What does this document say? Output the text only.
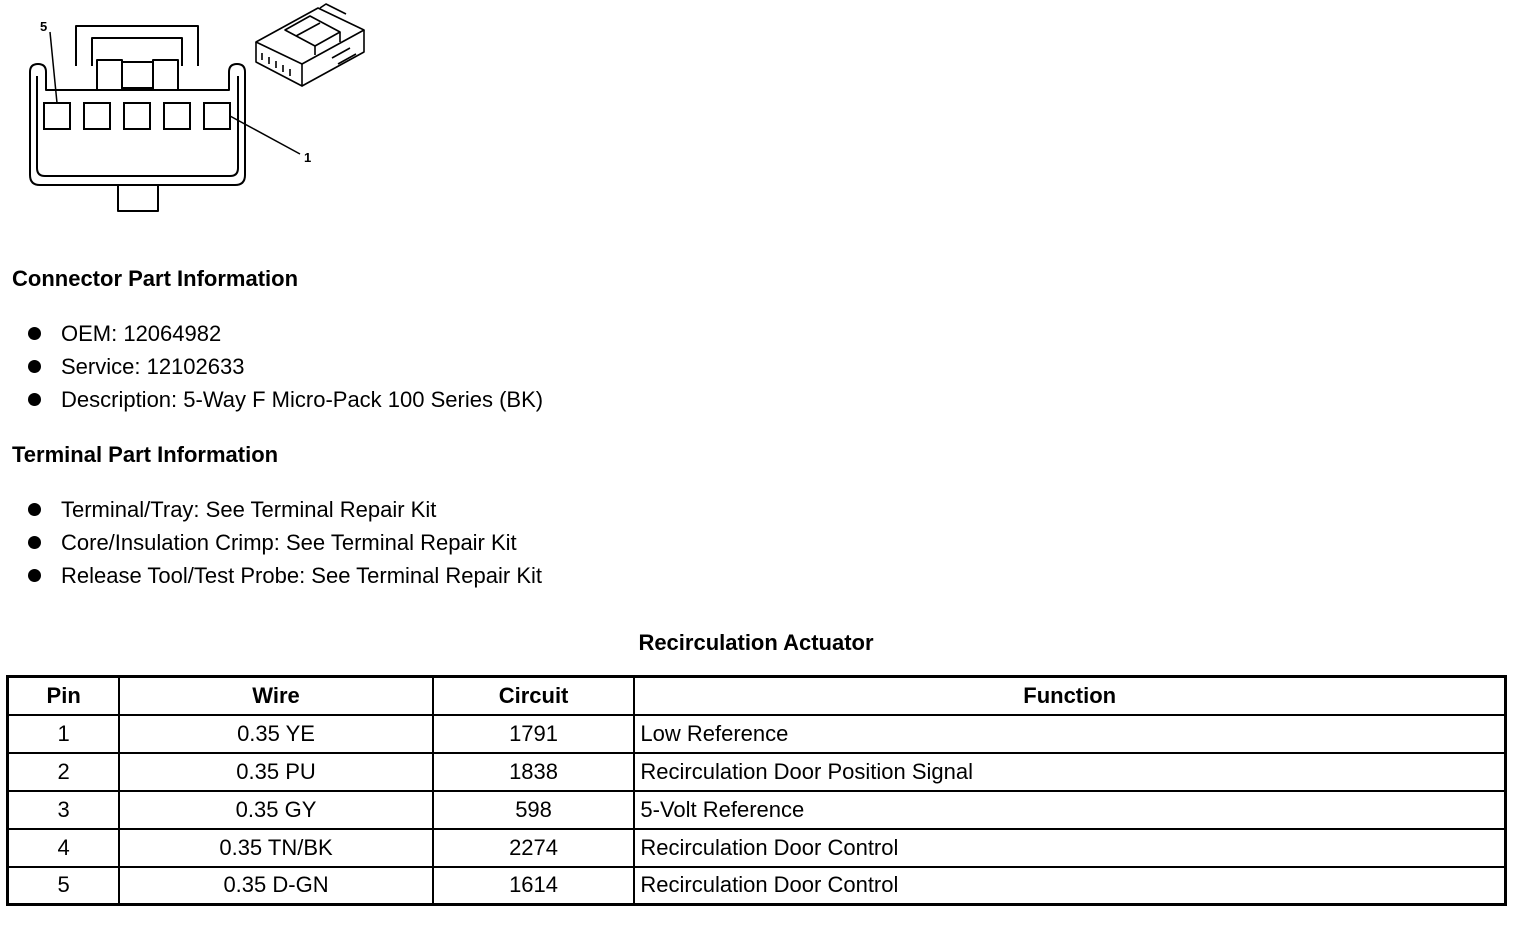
5
1
Connector Part Information
OEM: 12064982
Service: 12102633
Description: 5-Way F Micro-Pack 100 Series (BK)
Terminal Part Information
Terminal/Tray: See Terminal Repair Kit
Core/Insulation Crimp: See Terminal Repair Kit
Release Tool/Test Probe: See Terminal Repair Kit
Recirculation Actuator
Pin	Wire	Circuit	Function
1	0.35 YE	1791	Low Reference
2	0.35 PU	1838	Recirculation Door Position Signal
3	0.35 GY	598	5-Volt Reference
4	0.35 TN/BK	2274	Recirculation Door Control
5	0.35 D-GN	1614	Recirculation Door Control
